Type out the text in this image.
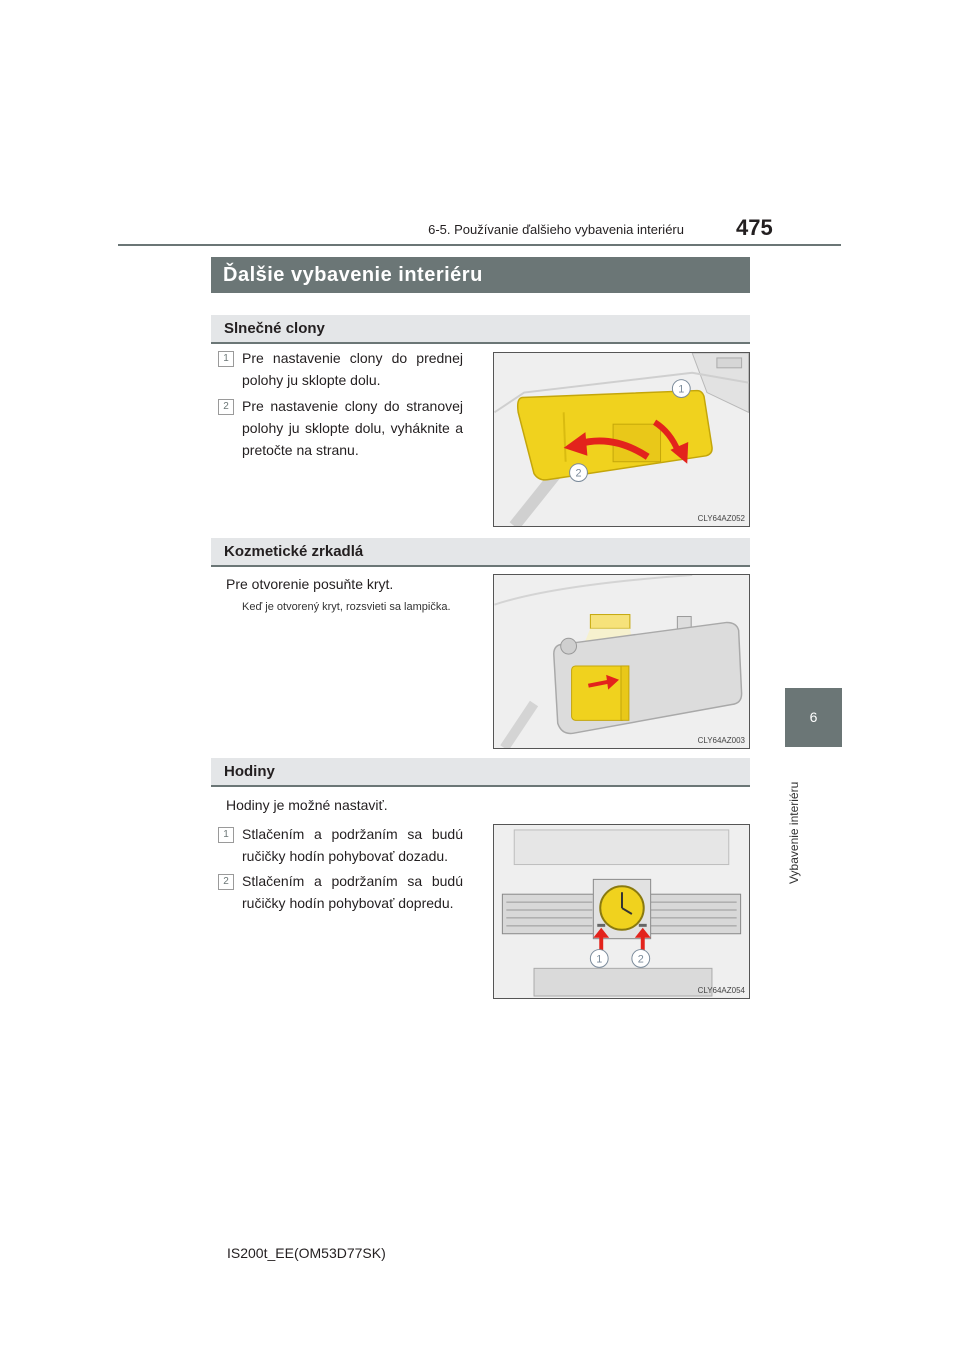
6-5. Používanie ďalšieho vybavenia interiéru 475
6
Vybavenie interiéru
Ďalšie vybavenie interiéru
Slnečné clony
1 Pre nastavenie clony do prednej polohy ju sklopte dolu.
2 Pre nastavenie clony do stranovej polohy ju sklopte dolu, vyháknite a pretočte na stranu.
1
2
CLY64AZ052
Kozmetické zrkadlá
Pre otvorenie posuňte kryt.
Keď je otvorený kryt, rozsvieti sa lampička.
CLY64AZ003
Hodiny
Hodiny je možné nastaviť.
1 Stlačením a podržaním sa budú ručičky hodín pohybovať dozadu.
2 Stlačením a podržaním sa budú ručičky hodín pohybovať dopredu.
1	2
CLY64AZ054
IS200t_EE(OM53D77SK)
